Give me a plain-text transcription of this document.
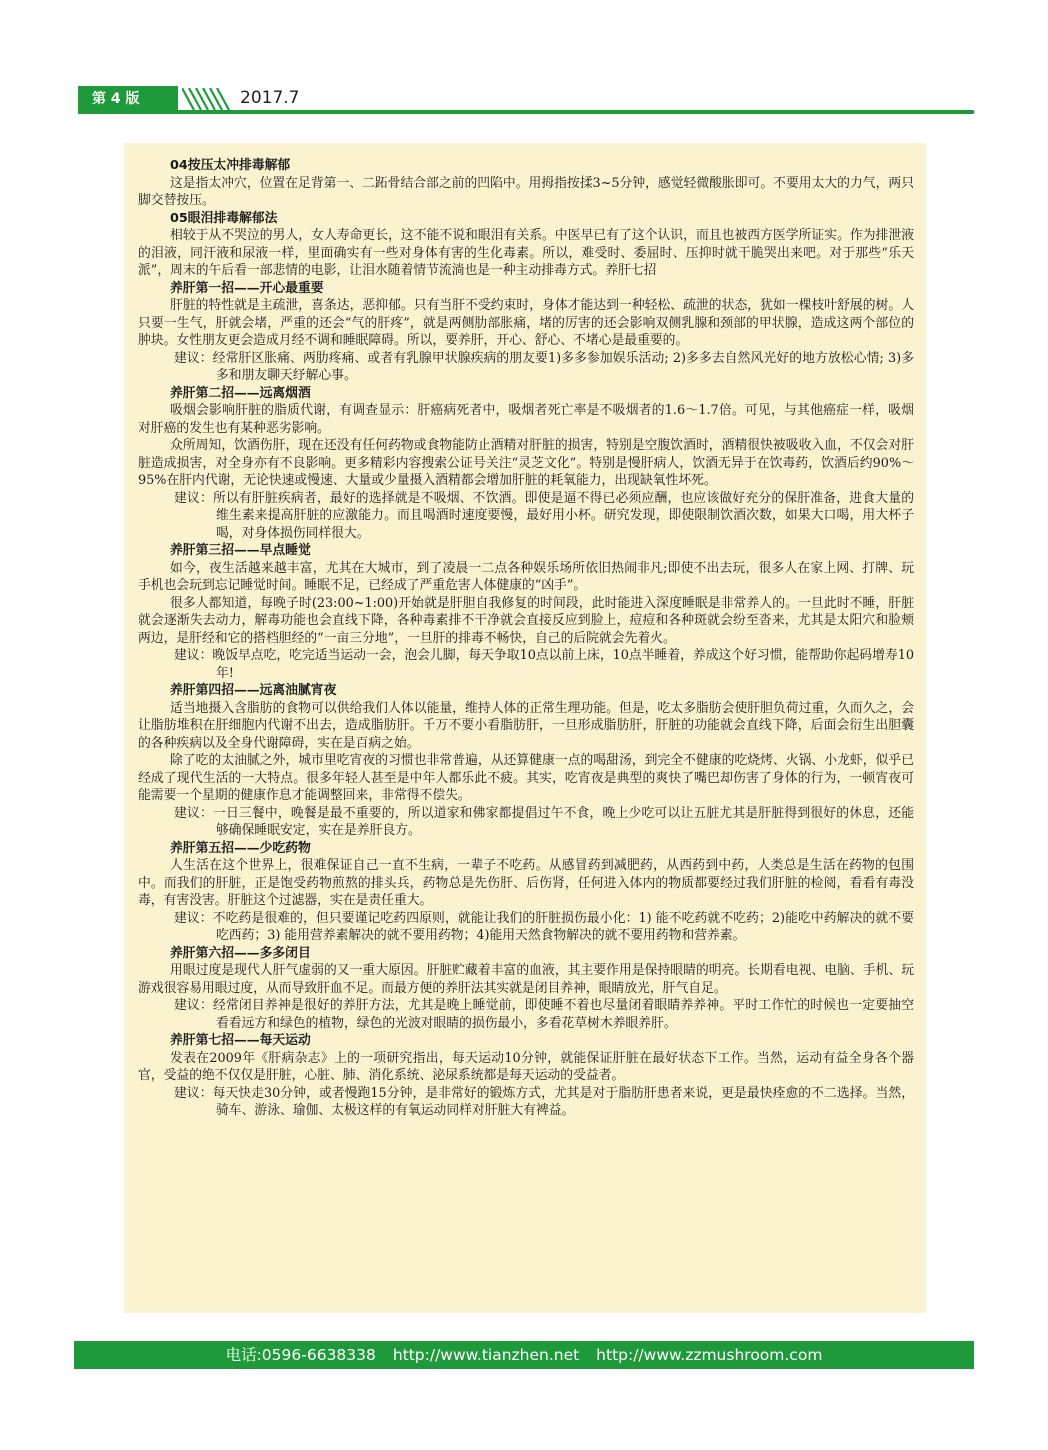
第 4 版	2017.7

04按压太冲排毒解郁

这是指太冲穴，位置在足背第一、二跖骨结合部之前的凹陷中。用拇指按揉3~5分钟，感觉轻微酸胀即可。不要用太大的力气，两只脚交替按压。

05眼泪排毒解郁法

相较于从不哭泣的男人，女人寿命更长，这不能不说和眼泪有关系。中医早已有了这个认识，而且也被西方医学所证实。作为排泄液的泪液，同汗液和尿液一样，里面确实有一些对身体有害的生化毒素。所以，难受时、委屈时、压抑时就干脆哭出来吧。对于那些“乐天派”，周末的午后看一部悲情的电影，让泪水随着情节流淌也是一种主动排毒方式。养肝七招

养肝第一招——开心最重要

肝脏的特性就是主疏泄，喜条达，恶抑郁。只有当肝不受约束时，身体才能达到一种轻松、疏泄的状态，犹如一棵枝叶舒展的树。人只要一生气，肝就会堵，严重的还会“气的肝疼”，就是两侧肋部胀痛，堵的厉害的还会影响双侧乳腺和颈部的甲状腺，造成这两个部位的肿块。女性朋友更会造成月经不调和睡眠障碍。所以，要养肝，开心、舒心、不堵心是最重要的。

建议：经常肝区胀痛、两肋疼痛、或者有乳腺甲状腺疾病的朋友要1)多多参加娱乐活动; 2)多多去自然风光好的地方放松心情; 3)多多和朋友聊天纾解心事。

养肝第二招——远离烟酒

吸烟会影响肝脏的脂质代谢，有调查显示：肝癌病死者中，吸烟者死亡率是不吸烟者的1.6～1.7倍。可见，与其他癌症一样，吸烟对肝癌的发生也有某种恶劣影响。

众所周知，饮酒伤肝，现在还没有任何药物或食物能防止酒精对肝脏的损害，特别是空腹饮酒时，酒精很快被吸收入血，不仅会对肝脏造成损害，对全身亦有不良影响。更多精彩内容搜索公证号关注“灵芝文化”。特别是慢肝病人，饮酒无异于在饮毒药，饮酒后约90%～95%在肝内代谢，无论快速或慢速、大量或少量摄入酒精都会增加肝脏的耗氧能力，出现缺氧性坏死。

建议：所以有肝脏疾病者，最好的选择就是不吸烟、不饮酒。即使是逼不得已必须应酬，也应该做好充分的保肝准备，进食大量的维生素来提高肝脏的应激能力。而且喝酒时速度要慢，最好用小杯。研究发现，即使限制饮酒次数，如果大口喝，用大杯子喝，对身体损伤同样很大。

养肝第三招——早点睡觉

如今，夜生活越来越丰富，尤其在大城市，到了凌晨一二点各种娱乐场所依旧热闹非凡;即使不出去玩，很多人在家上网、打牌、玩手机也会玩到忘记睡觉时间。睡眠不足，已经成了严重危害人体健康的“凶手”。

很多人都知道，每晚子时(23:00~1:00)开始就是肝胆自我修复的时间段，此时能进入深度睡眠是非常养人的。一旦此时不睡，肝脏就会逐渐失去动力，解毒功能也会直线下降，各种毒素排不干净就会直接反应到脸上，痘痘和各种斑就会纷至沓来，尤其是太阳穴和脸颊两边，是肝经和它的搭档胆经的“一亩三分地”，一旦肝的排毒不畅快，自己的后院就会先着火。

建议：晚饭早点吃，吃完适当运动一会，泡会儿脚，每天争取10点以前上床，10点半睡着，养成这个好习惯，能帮助你起码增寿10年!

养肝第四招——远离油腻宵夜

适当地摄入含脂肪的食物可以供给我们人体以能量，维持人体的正常生理功能。但是，吃太多脂肪会使肝胆负荷过重，久而久之，会让脂肪堆积在肝细胞内代谢不出去，造成脂肪肝。千万不要小看脂肪肝，一旦形成脂肪肝，肝脏的功能就会直线下降，后面会衍生出胆囊的各种疾病以及全身代谢障碍，实在是百病之始。

除了吃的太油腻之外，城市里吃宵夜的习惯也非常普遍，从还算健康一点的喝甜汤，到完全不健康的吃烧烤、火锅、小龙虾，似乎已经成了现代生活的一大特点。很多年轻人甚至是中年人都乐此不疲。其实，吃宵夜是典型的爽快了嘴巴却伤害了身体的行为，一顿宵夜可能需要一个星期的健康作息才能调整回来，非常得不偿失。

建议：一日三餐中，晚餐是最不重要的，所以道家和佛家都提倡过午不食，晚上少吃可以让五脏尤其是肝脏得到很好的休息，还能够确保睡眠安定，实在是养肝良方。

养肝第五招——少吃药物

人生活在这个世界上，很难保证自己一直不生病，一辈子不吃药。从感冒药到减肥药，从西药到中药，人类总是生活在药物的包围中。而我们的肝脏，正是饱受药物煎熬的排头兵，药物总是先伤肝、后伤肾，任何进入体内的物质都要经过我们肝脏的检阅，看看有毒没毒，有害没害。肝脏这个过滤器，实在是责任重大。

建议：不吃药是很难的，但只要谨记吃药四原则，就能让我们的肝脏损伤最小化：1) 能不吃药就不吃药；2)能吃中药解决的就不要吃西药；3) 能用营养素解决的就不要用药物；4)能用天然食物解决的就不要用药物和营养素。

养肝第六招——多多闭目

用眼过度是现代人肝气虚弱的又一重大原因。肝脏贮藏着丰富的血液，其主要作用是保持眼睛的明亮。长期看电视、电脑、手机、玩游戏很容易用眼过度，从而导致肝血不足。而最方便的养肝法其实就是闭目养神，眼睛放光，肝气自足。

建议：经常闭目养神是很好的养肝方法，尤其是晚上睡觉前，即使睡不着也尽量闭着眼睛养养神。平时工作忙的时候也一定要抽空看看远方和绿色的植物，绿色的光波对眼睛的损伤最小，多看花草树木养眼养肝。

养肝第七招——每天运动

发表在2009年《肝病杂志》上的一项研究指出，每天运动10分钟，就能保证肝脏在最好状态下工作。当然，运动有益全身各个器官，受益的绝不仅仅是肝脏，心脏、肺、消化系统、泌尿系统都是每天运动的受益者。

建议：每天快走30分钟，或者慢跑15分钟，是非常好的锻炼方式，尤其是对于脂肪肝患者来说，更是最快痊愈的不二选择。当然，骑车、游泳、瑜伽、太极这样的有氧运动同样对肝脏大有裨益。

电话:0596-6638338 http://www.tianzhen.net http://www.zzmushroom.com
